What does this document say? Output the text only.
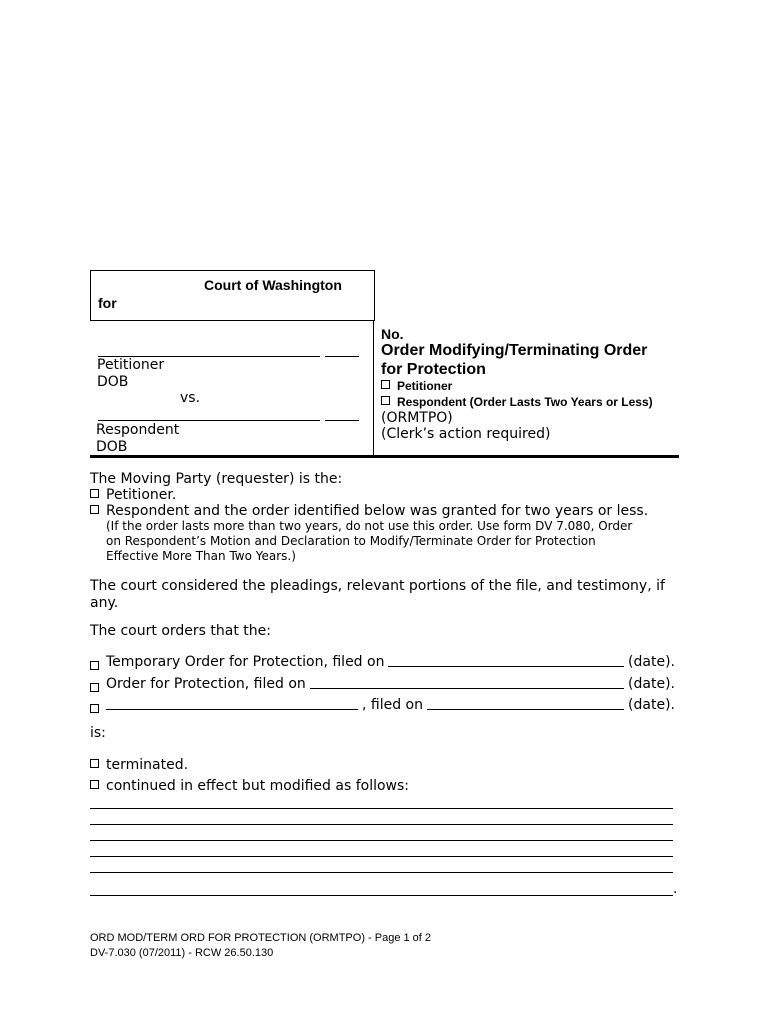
Court of Washington
for
Petitioner
DOB
vs.
Respondent
DOB
No.
Order Modifying/Terminating Order
for Protection
Petitioner
Respondent (Order Lasts Two Years or Less)
(ORMTPO)
(Clerk’s action required)
The Moving Party (requester) is the:
Petitioner.
Respondent and the order identified below was granted for two years or less.
(If the order lasts more than two years, do not use this order. Use form DV 7.080, Order
on Respondent’s Motion and Declaration to Modify/Terminate Order for Protection
Effective More Than Two Years.)
The court considered the pleadings, relevant portions of the file, and testimony, if
any.
The court orders that the:
Temporary Order for Protection, filed on	(date).
Order for Protection, filed on	(date).
, filed on	(date).
is:
terminated.
continued in effect but modified as follows:
.
ORD MOD/TERM ORD FOR PROTECTION (ORMTPO) - Page 1 of 2
DV-7.030 (07/2011) - RCW 26.50.130
